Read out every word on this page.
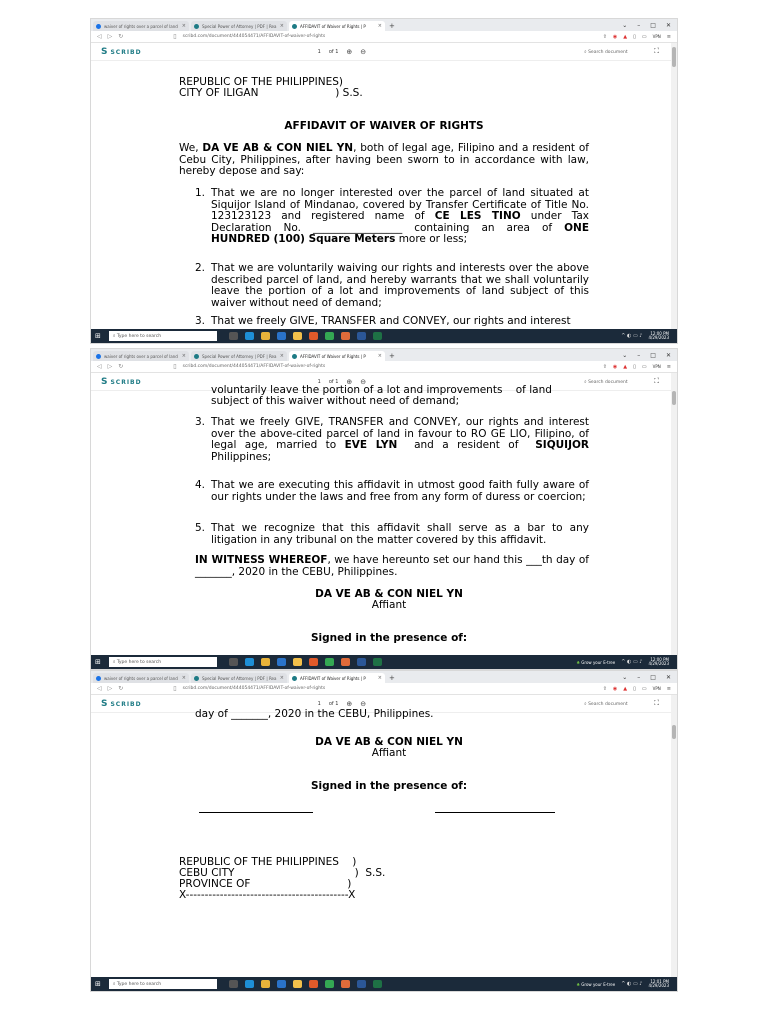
waiver of rights over a parcel of land ×	Special Power of Attorney | PDF | Rea ×	AFFIDAVIT of Waiver of Rights | P × +	⌄ – □ ✕
◁ ▷ ↻	▯ scribd.com/document/444054471/AFFIDAVIT-of-waiver-of-rights	⇪ ◉ ▲ ▯ ▭ VPN ≡
SSCRIBD	1 of 1 ⊕ ⊖	⌕ Search document	⛶
REPUBLIC OF THE PHILIPPINES)
CITY OF ILIGAN                       ) S.S.
AFFIDAVIT OF WAIVER OF RIGHTS

We, DA VE AB & CON NIEL YN, both of legal age, Filipino and a resident of Cebu City, Philippines, after having been sworn to in accordance with law, hereby depose and say:

1. That we are no longer interested over the parcel of land situated at Siquijor Island of Mindanao, covered by Transfer Certificate of Title No. 123123123 and registered name of CE LES TINO under Tax Declaration No. _________________ containing an area of ONE HUNDRED (100) Square Meters more or less;

2. That we are voluntarily waiving our rights and interests over the above described parcel of land, and hereby warrants that we shall voluntarily leave the portion of a lot and improvements of land subject of this waiver without need of demand;

3. That we freely GIVE, TRANSFER and CONVEY, our rights and interest

⊞	⌕
Type here to search	^ ◐ ▭ ♪	12:00 PM
4/29/2023
waiver of rights over a parcel of land ×	Special Power of Attorney | PDF | Rea ×	AFFIDAVIT of Waiver of Rights | P × +	⌄ – □ ✕
◁ ▷ ↻	▯ scribd.com/document/444054471/AFFIDAVIT-of-waiver-of-rights	⇪ ◉ ▲ ▯ ▭ VPN ≡
SSCRIBD	1 of 1 ⊕ ⊖	⌕ Search document	⛶
voluntarily leave the portion of a lot and improvements    of land
subject of this waiver without need of demand;
3. That we freely GIVE, TRANSFER and CONVEY, our rights and interest over the above-cited parcel of land in favour to RO GE LIO, Filipino, of legal age, married to EVE LYN  and a resident of  SIQUIJOR Philippines;

4. That we are executing this affidavit in utmost good faith fully aware of our rights under the laws and free from any form of duress or coercion;

5. That we recognize that this affidavit shall serve as a bar to any litigation in any tribunal on the matter covered by this affidavit.

IN WITNESS WHEREOF, we have hereunto set our hand this ___th day of _______, 2020 in the CEBU, Philippines.

DA VE AB & CON NIEL YN
Affiant
Signed in the presence of:
⊞	⌕
Type here to search	♣ Grow your E-tree ^ ◐ ▭ ♪	12:00 PM
4/29/2023
waiver of rights over a parcel of land ×	Special Power of Attorney | PDF | Rea ×	AFFIDAVIT of Waiver of Rights | P × +	⌄ – □ ✕
◁ ▷ ↻	▯ scribd.com/document/444054471/AFFIDAVIT-of-waiver-of-rights	⇪ ◉ ▲ ▯ ▭ VPN ≡
SSCRIBD	1 of 1 ⊕ ⊖	⌕ Search document	⛶
day of _______, 2020 in the CEBU, Philippines.
DA VE AB & CON NIEL YN
Affiant
Signed in the presence of:
REPUBLIC OF THE PHILIPPINES    )
CEBU CITY                                    )  S.S.
PROVINCE OF                             )
X-------------------------------------------X
⊞	⌕
Type here to search	♣ Grow your E-tree ^ ◐ ▭ ♪	12:01 PM
4/29/2023
